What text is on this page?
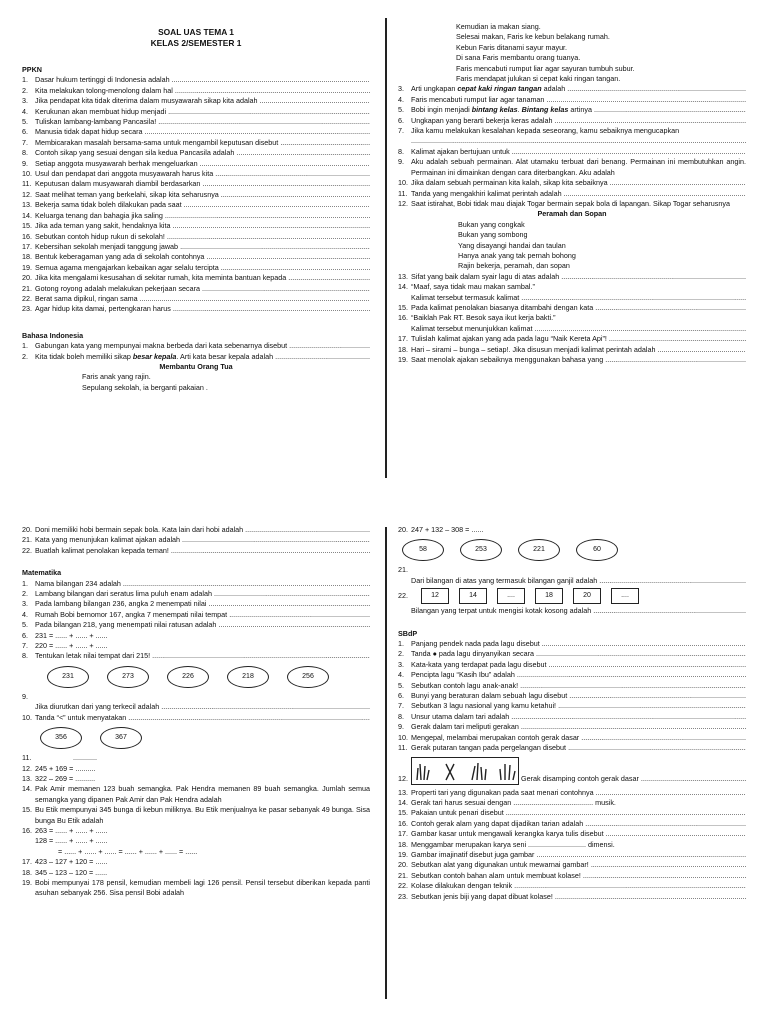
SOAL UAS TEMA 1
KELAS 2/SEMESTER 1
PPKN
1. Dasar hukum tertinggi di Indonesia adalah
.....
2. Kita melakukan tolong-menolong dalam hal
.....
3. Jika pendapat kita tidak diterima dalam musyawarah sikap kita adalah
.....
4. Kerukunan akan membuat hidup menjadi
.....
5. Tuliskan lambang-lambang Pancasila!
.....
6. Manusia tidak dapat hidup secara
.....
7. Membicarakan masalah bersama-sama untuk mengambil keputusan disebut
.....
8. Contoh sikap yang sesuai dengan sila kedua Pancasila adalah
.....
9. Setiap anggota musyawarah berhak mengeluarkan
.....
10. Usul dan pendapat dari anggota musyawarah harus kita
.....
11. Keputusan dalam musyawarah diambil berdasarkan
.....
12. Saat melihat teman yang berkelahi, sikap kita seharusnya
.....
13. Bekerja sama tidak boleh dilakukan pada saat
.....
14. Keluarga tenang dan bahagia jika saling
.....
15. Jika ada teman yang sakit, hendaknya kita
.....
16. Sebutkan contoh hidup rukun di sekolah!
.....
17. Kebersihan sekolah menjadi tanggung jawab
.....
18. Bentuk keberagaman yang ada di sekolah contohnya
.....
19. Semua agama mengajarkan kebaikan agar selalu tercipta
.....
20. Jika kita mengalami kesusahan di sekitar rumah, kita meminta bantuan kepada
.....
21. Gotong royong adalah melakukan pekerjaan secara
.....
22. Berat sama dipikul, ringan sama
.....
23. Agar hidup kita damai, pertengkaran harus
.....
Bahasa Indonesia
1. Gabungan kata yang mempunyai makna berbeda dari kata sebenarnya disebut
.....
2. Kita tidak boleh memiliki sikap besar kepala. Arti kata besar kepala adalah
.....
Membantu Orang Tua
Faris anak yang rajin.
Sepulang sekolah, ia berganti pakaian .
Kemudian ia makan siang.
Selesai makan, Faris ke kebun belakang rumah.
Kebun Faris ditanami sayur mayur.
Di sana Faris membantu orang tuanya.
Faris mencabuti rumput liar agar sayuran tumbuh subur.
Faris mendapat julukan si cepat kaki ringan tangan.
3. Arti ungkapan cepat kaki ringan tangan adalah
.....
4. Faris mencabuti rumput liar agar tanaman
.....
5. Bobi ingin menjadi bintang kelas. Bintang kelas artinya
.....
6. Ungkapan yang berarti bekerja keras adalah
.....
7. Jika kamu melakukan kesalahan kepada seseorang, kamu sebaiknya mengucapkan
.....
8. Kalimat ajakan bertujuan untuk
.....
9. Aku adalah sebuah permainan. Alat utamaku terbuat dari benang. Permainan ini membutuhkan angin. Permainan ini dimainkan dengan cara diterbangkan. Aku adalah
10. Jika dalam sebuah permainan kita kalah, sikap kita sebaiknya
.....
11. Tanda yang mengakhiri kalimat perintah adalah
.....
12. Saat istirahat, Bobi tidak mau diajak Togar bermain sepak bola di lapangan. Sikap Togar seharusnya
Peramah dan Sopan
Bukan yang congkak
Bukan yang sombong
Yang disayangi handai dan taulan
Hanya anak yang tak pernah bohong
Rajin bekerja, peramah, dan sopan
13. Sifat yang baik dalam syair lagu di atas adalah
.....
14. “Maaf, saya tidak mau makan sambal.”
Kalimat tersebut termasuk kalimat
.....
15. Pada kalimat penolakan biasanya ditambahi dengan kata
.....
16. “Baiklah Pak RT. Besok saya ikut kerja bakti.”
Kalimat tersebut menunjukkan kalimat
.....
17. Tulislah kalimat ajakan yang ada pada lagu “Naik Kereta Api”!
.....
18. Hari – sirami – bunga – setiap!. Jika disusun menjadi kalimat perintah adalah
.....
19. Saat menolak ajakan sebaiknya menggunakan bahasa yang
.....
20. Doni memiliki hobi bermain sepak bola. Kata lain dari hobi adalah
.....
21. Kata yang menunjukan kalimat ajakan adalah
.....
22. Buatlah kalimat penolakan kepada teman!
.....
Matematika
1. Nama bilangan 234 adalah
.....
2. Lambang bilangan dari seratus lima puluh enam adalah
.....
3. Pada lambang bilangan 236, angka 2 menempati nilai
.....
4. Rumah Bobi bernomor 167, angka 7 menempati nilai tempat
.....
5. Pada bilangan 218, yang menempati nilai ratusan adalah
.....
6. 231 = ...... + ...... + ......
7. 220 = ...... + ...... + ......
8. Tentukan letak nilai tempat dari 215!
.....
231	273	226	218	256
9.
Jika diurutkan dari yang terkecil adalah
.....
10. Tanda “<” untuk menyatakan
.....
356	367
11.	............
12. 245 + 169 = ..........
13. 322 – 269 = ..........
14. Pak Amir memanen 123 buah semangka. Pak Hendra memanen 89 buah semangka. Jumlah semua semangka yang dipanen Pak Amir dan Pak Hendra adalah
15. Bu Etik mempunyai 345 bunga di kebun miliknya. Bu Etik menjualnya ke pasar sebanyak 49 bunga. Sisa bunga Bu Etik adalah
16. 263 = ...... + ...... + ......
128 = ...... + ...... + ......
= ...... + ...... + ...... = ...... + ...... + ...... = ......
17. 423 – 127 + 120 = ......
18. 345 – 123 – 120 = ......
19. Bobi mempunyai 178 pensil, kemudian membeli lagi 126 pensil. Pensil tersebut diberikan kepada panti asuhan sebanyak 256. Sisa pensil Bobi adalah
20. 247 + 132 – 308 = ......
58	253	221	60
21.
Dari bilangan di atas yang termasuk bilangan ganjil adalah
.....
22.	12	14	....	18	20	....
Bilangan yang terpat untuk mengisi kotak kosong adalah
.....
SBdP
1. Panjang pendek nada pada lagu disebut
.....
2. Tanda ● pada lagu dinyanyikan secara
.....
3. Kata-kata yang terdapat pada lagu disebut
.....
4. Pencipta lagu “Kasih Ibu” adalah
.....
5. Sebutkan contoh lagu anak-anak!
.....
6. Bunyi yang beraturan dalam sebuah lagu disebut
.....
7. Sebutkan 3 lagu nasional yang kamu ketahui!
.....
8. Unsur utama dalam tari adalah
.....
9. Gerak dalam tari meliputi gerakan
.....
10. Mengepal, melambai merupakan contoh gerak dasar
.....
11. Gerak putaran tangan pada pergelangan disebut
.....
12.	Gerak disamping contoh gerak dasar
.....
13. Properti tari yang digunakan pada saat menari contohnya
.....
14. Gerak tari harus sesuai dengan ........................................ musik.
15. Pakaian untuk penari disebut
.....
16. Contoh gerak alam yang dapat dijadikan tarian adalah
.....
17. Gambar kasar untuk mengawali kerangka karya tulis disebut
.....
18. Menggambar merupakan karya seni ............................. dimensi.
19. Gambar imajinatif disebut juga gambar
.....
20. Sebutkan alat yang digunakan untuk mewarnai gambar!
.....
21. Sebutkan contoh bahan alam untuk membuat kolase!
.....
22. Kolase dilakukan dengan teknik
.....
23. Sebutkan jenis biji yang dapat dibuat kolase!
.....
